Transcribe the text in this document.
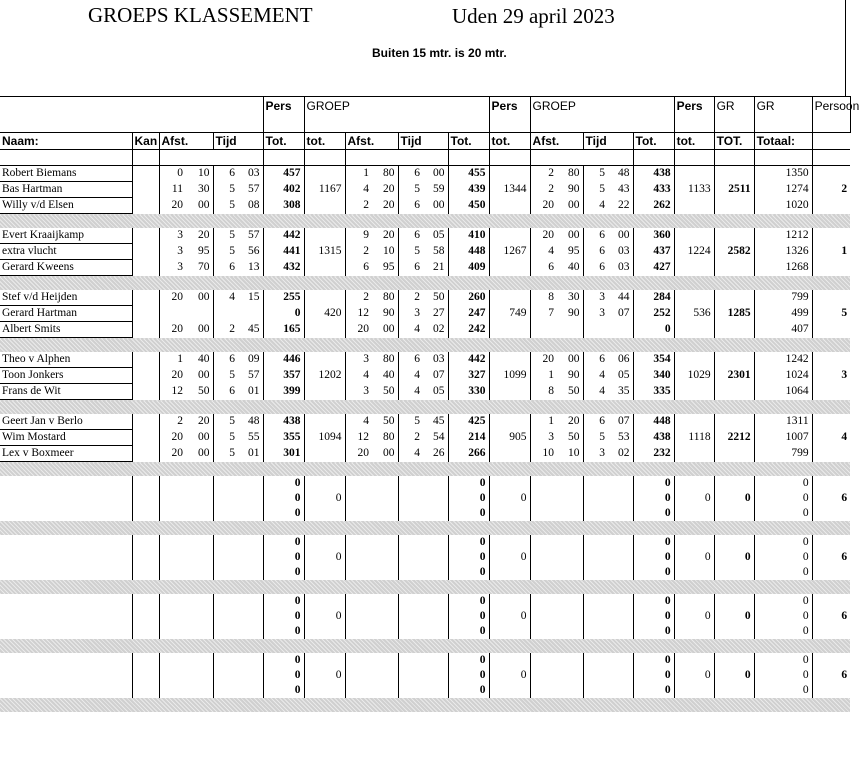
GROEPS KLASSEMENT	Uden 29 april 2023
Buiten 15 mtr. is 20 mtr.
						Pers	GROEP						Pers	GROEP					Pers	GR	GR	Persoon	
Naam:	Kan	Afst.		Tijd		Tot.	tot.	Afst.		Tijd		Tot.	tot.	Afst.		Tijd		Tot.	tot.	TOT.	Totaal:		

Robert Biemans		0	10	6	03	457		1	80	6	00	455		2	80	5	48	438			1350		
Bas Hartman		11	30	5	57	402	1167	4	20	5	59	439	1344	2	90	5	43	433	1133	2511	1274	2	
Willy v/d Elsen		20	00	5	08	308		2	20	6	00	450		20	00	4	22	262			1020		

Evert Kraaijkamp		3	20	5	57	442		9	20	6	05	410		20	00	6	00	360			1212		
extra vlucht		3	95	5	56	441	1315	2	10	5	58	448	1267	4	95	6	03	437	1224	2582	1326	1	
Gerard Kweens		3	70	6	13	432		6	95	6	21	409		6	40	6	03	427			1268		

Stef v/d Heijden		20	00	4	15	255		2	80	2	50	260		8	30	3	44	284			799		
Gerard Hartman						0	420	12	90	3	27	247	749	7	90	3	07	252	536	1285	499	5	
Albert Smits		20	00	2	45	165		20	00	4	02	242						0			407		

Theo v Alphen		1	40	6	09	446		3	80	6	03	442		20	00	6	06	354			1242		
Toon Jonkers		20	00	5	57	357	1202	4	40	4	07	327	1099	1	90	4	05	340	1029	2301	1024	3	
Frans de Wit		12	50	6	01	399		3	50	4	05	330		8	50	4	35	335			1064		

Geert Jan v Berlo		2	20	5	48	438		4	50	5	45	425		1	20	6	07	448			1311		
Wim Mostard		20	00	5	55	355	1094	12	80	2	54	214	905	3	50	5	53	438	1118	2212	1007	4	
Lex v Boxmeer		20	00	5	01	301		20	00	4	26	266		10	10	3	02	232			799		

						0						0						0			0		
						0	0					0	0					0	0	0	0	6	
						0						0						0			0		

						0						0						0			0		
						0	0					0	0					0	0	0	0	6	
						0						0						0			0		

						0						0						0			0		
						0	0					0	0					0	0	0	0	6	
						0						0						0			0		

						0						0						0			0		
						0	0					0	0					0	0	0	0	6	
						0						0						0			0		
